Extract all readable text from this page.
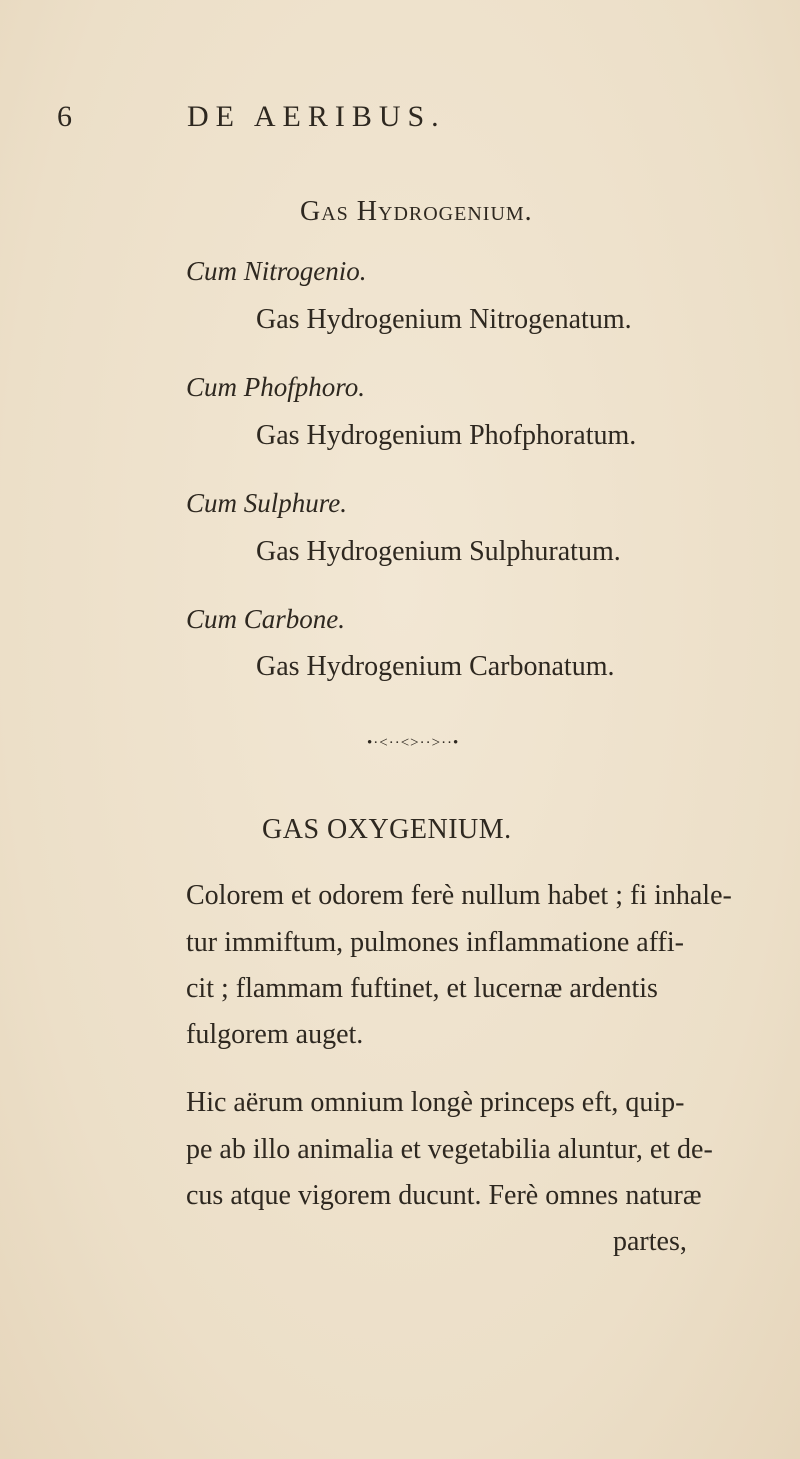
6	DE AERIBUS.
Gas Hydrogenium.
Cum Nitrogenio.
Gas Hydrogenium Nitrogenatum.
Cum Phofphoro.
Gas Hydrogenium Phofphoratum.
Cum Sulphure.
Gas Hydrogenium Sulphuratum.
Cum Carbone.
Gas Hydrogenium Carbonatum.
•·<··<>··>··•
GAS OXYGENIUM.
Colorem et odorem ferè nullum habet ; fi inhale-
tur immiftum, pulmones inflammatione affi-
cit ; flammam fuftinet, et lucernæ ardentis
fulgorem auget.
Hic aërum omnium longè princeps eft, quip-
pe ab illo animalia et vegetabilia aluntur, et de-
cus atque vigorem ducunt. Ferè omnes naturæ
partes,
